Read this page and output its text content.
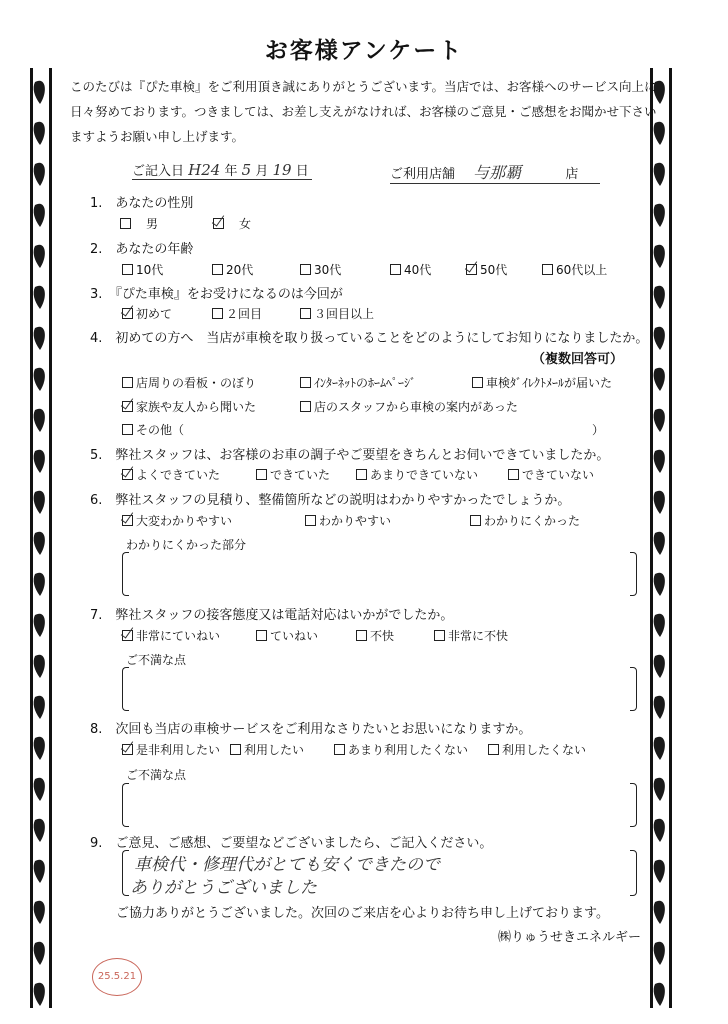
お客様アンケート
このたびは『ぴた車検』をご利用頂き誠にありがとうございます。当店では、お客様へのサービス向上に日々努めております。つきましては、お差し支えがなければ、お客様のご意見・ご感想をお聞かせ下さいますようお願い申し上げます。
ご記入日 H24 年 5 月 19 日	ご利用店舗 与那覇	店
1.　 あなたの性別
　男
　	女
2.　 あなたの年齢
10代	20代	30代	40代	50代	60代以上
3.　 『ぴた車検』をお受けになるのは今回が
初めて	２回目	３回目以上
4.　 初めての方へ　当店が車検を取り扱っていることをどのようにしてお知りになりましたか。
（複数回答可）
店周りの看板・のぼり	ｲﾝﾀｰﾈｯﾄのﾎｰﾑﾍﾟｰｼﾞ	車検ﾀﾞｲﾚｸﾄﾒｰﾙが届いた
家族や友人から聞いた	店のスタッフから車検の案内があった
その他（	）
5.　 弊社スタッフは、お客様のお車の調子やご要望をきちんとお伺いできていましたか。
よくできていた	できていた	あまりできていない	できていない
6.　 弊社スタッフの見積り、整備箇所などの説明はわかりやすかったでしょうか。
大変わかりやすい	わかりやすい	わかりにくかった
わかりにくかった部分
7.　 弊社スタッフの接客態度又は電話対応はいかがでしたか。
非常にていねい	ていねい	不快	非常に不快
ご不満な点
8.　 次回も当店の車検サービスをご利用なさりたいとお思いになりますか。
是非利用したい	利用したい	あまり利用したくない	利用したくない
ご不満な点
9.　 ご意見、ご感想、ご要望などございましたら、ご記入ください。
車検代・修理代がとても安くできたので
ありがとうございました
ご協力ありがとうございました。次回のご来店を心よりお待ち申し上げております。
㈱りゅうせきエネルギー
25.5.21
